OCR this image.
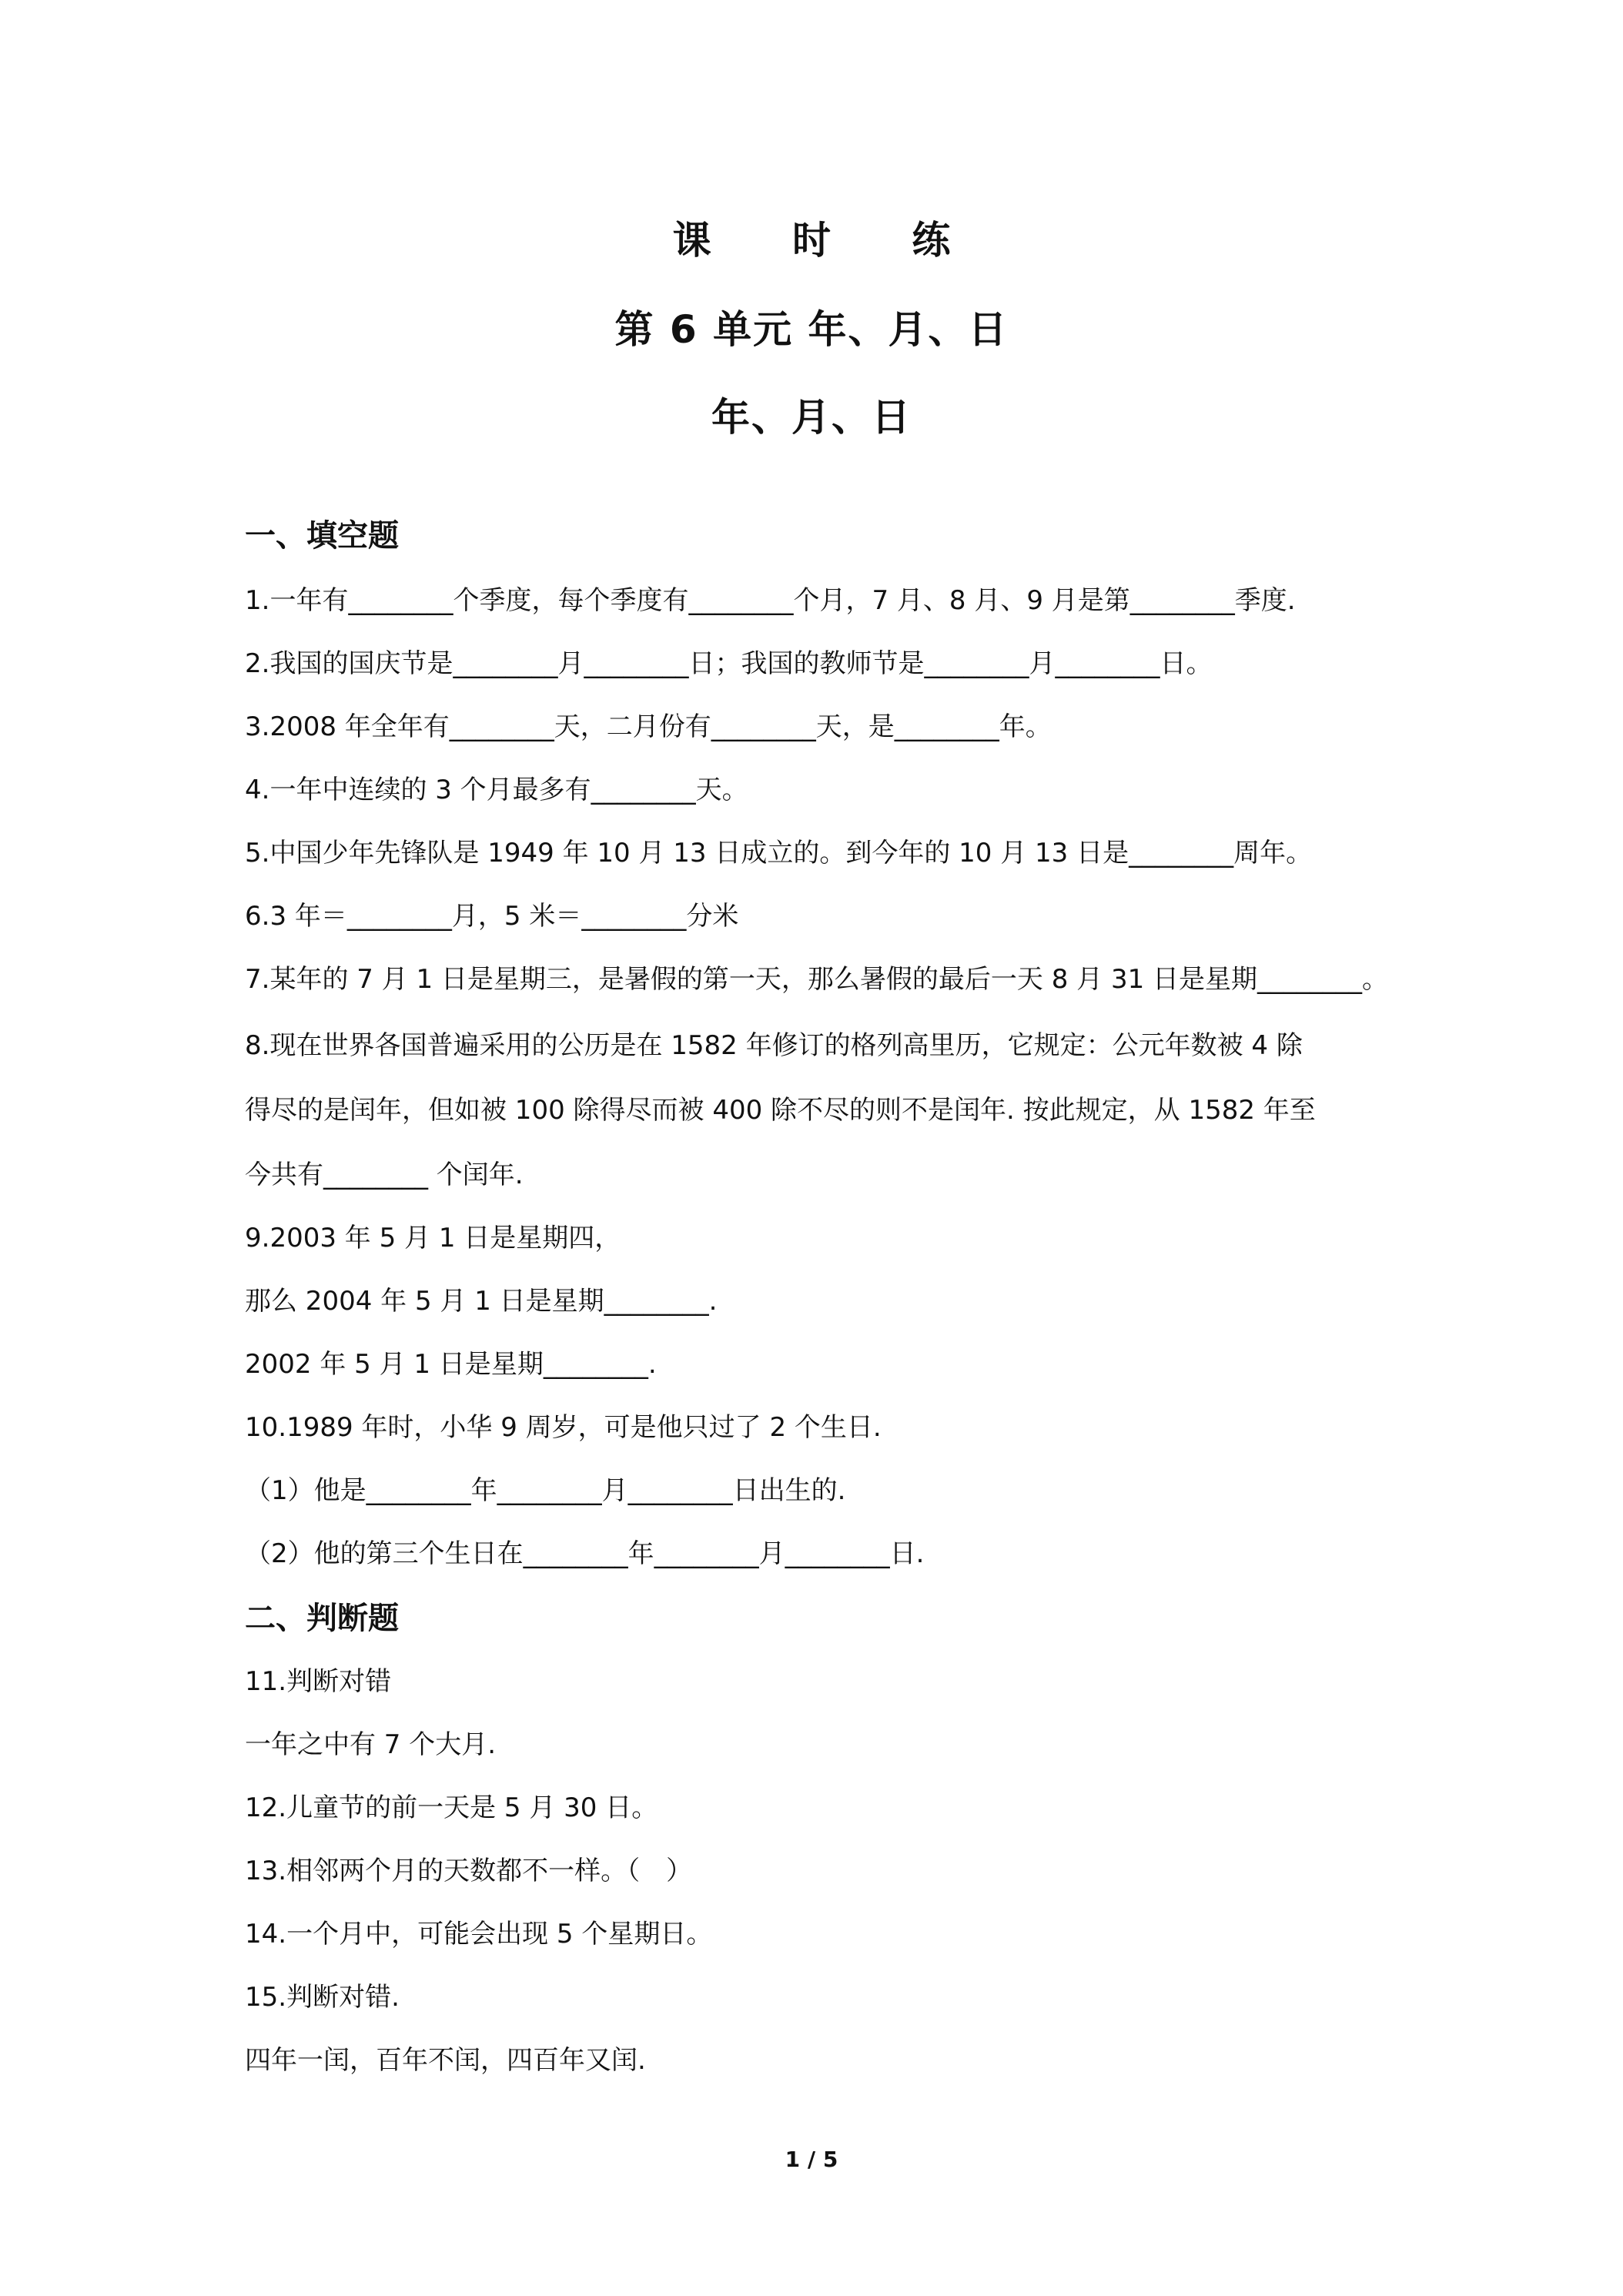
课 时 练
第 6 单元 年、月、日
年、月、日
一、填空题
1.一年有________个季度，每个季度有________个月，7 月、8 月、9 月是第________季度.
2.我国的国庆节是________月________日；我国的教师节是________月________日。
3.2008 年全年有________天，二月份有________天，是________年。
4.一年中连续的 3 个月最多有________天。
5.中国少年先锋队是 1949 年 10 月 13 日成立的。到今年的 10 月 13 日是________周年。
6.3 年＝________月，5 米＝________分米
7.某年的 7 月 1 日是星期三，是暑假的第一天，那么暑假的最后一天 8 月 31 日是星期________。
8.现在世界各国普遍采用的公历是在 1582 年修订的格列高里历，它规定：公元年数被 4 除
得尽的是闰年，但如被 100 除得尽而被 400 除不尽的则不是闰年. 按此规定，从 1582 年至
今共有________ 个闰年.
9.2003 年 5 月 1 日是星期四，
那么 2004 年 5 月 1 日是星期________.
2002 年 5 月 1 日是星期________.
10.1989 年时，小华 9 周岁，可是他只过了 2 个生日.
（1）他是________年________月________日出生的.
（2）他的第三个生日在________年________月________日.
二、判断题
11.判断对错
一年之中有 7 个大月.
12.儿童节的前一天是 5 月 30 日。
13.相邻两个月的天数都不一样。（　）
14.一个月中，可能会出现 5 个星期日。
15.判断对错.
四年一闰，百年不闰，四百年又闰.
1 / 5
